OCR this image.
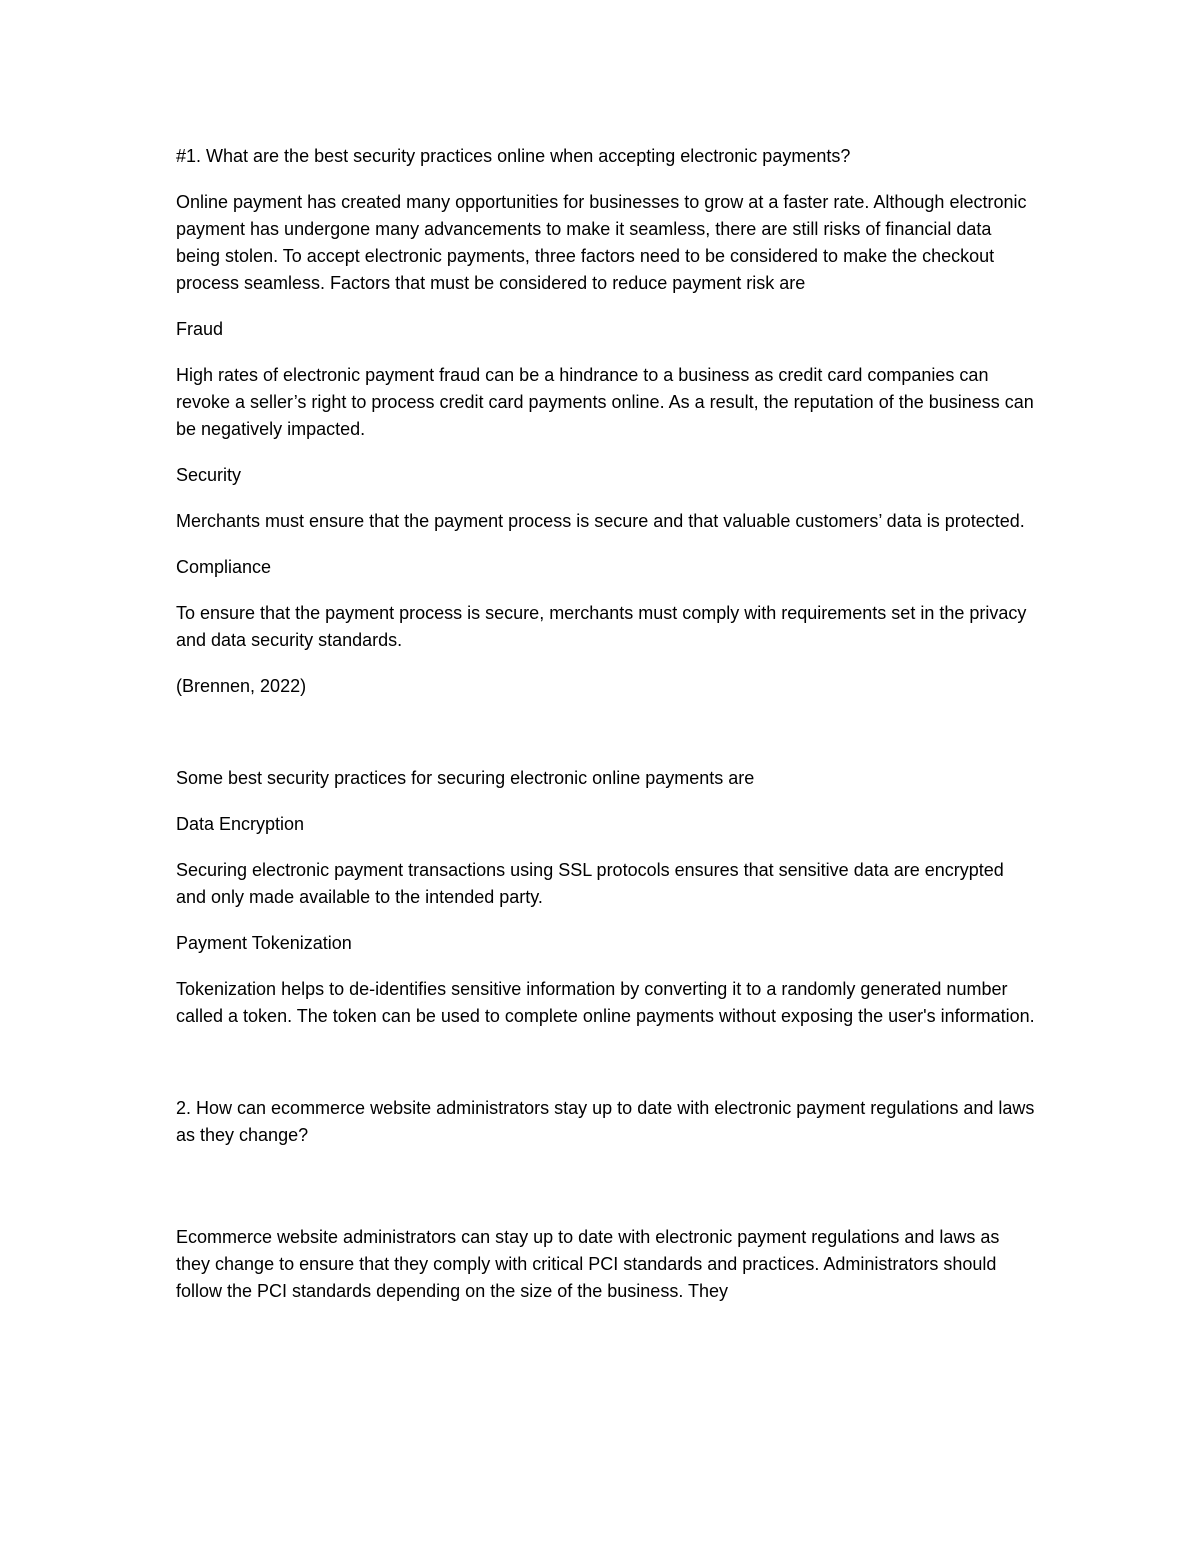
#1. What are the best security practices online when accepting electronic payments?

Online payment has created many opportunities for businesses to grow at a faster rate. Although electronic payment has undergone many advancements to make it seamless, there are still risks of financial data being stolen. To accept electronic payments, three factors need to be considered to make the checkout process seamless. Factors that must be considered to reduce payment risk are

Fraud

High rates of electronic payment fraud can be a hindrance to a business as credit card companies can revoke a seller’s right to process credit card payments online. As a result, the reputation of the business can be negatively impacted.

Security

Merchants must ensure that the payment process is secure and that valuable customers’ data is protected.

Compliance

To ensure that the payment process is secure, merchants must comply with requirements set in the privacy and data security standards.

(Brennen, 2022)

Some best security practices for securing electronic online payments are

Data Encryption

Securing electronic payment transactions using SSL protocols ensures that sensitive data are encrypted and only made available to the intended party.

Payment Tokenization

Tokenization helps to de-identifies sensitive information by converting it to a randomly generated number called a token. The token can be used to complete online payments without exposing the user's information.

2. How can ecommerce website administrators stay up to date with electronic payment regulations and laws as they change?

Ecommerce website administrators can stay up to date with electronic payment regulations and laws as they change to ensure that they comply with critical PCI standards and practices. Administrators should follow the PCI standards depending on the size of the business. They
